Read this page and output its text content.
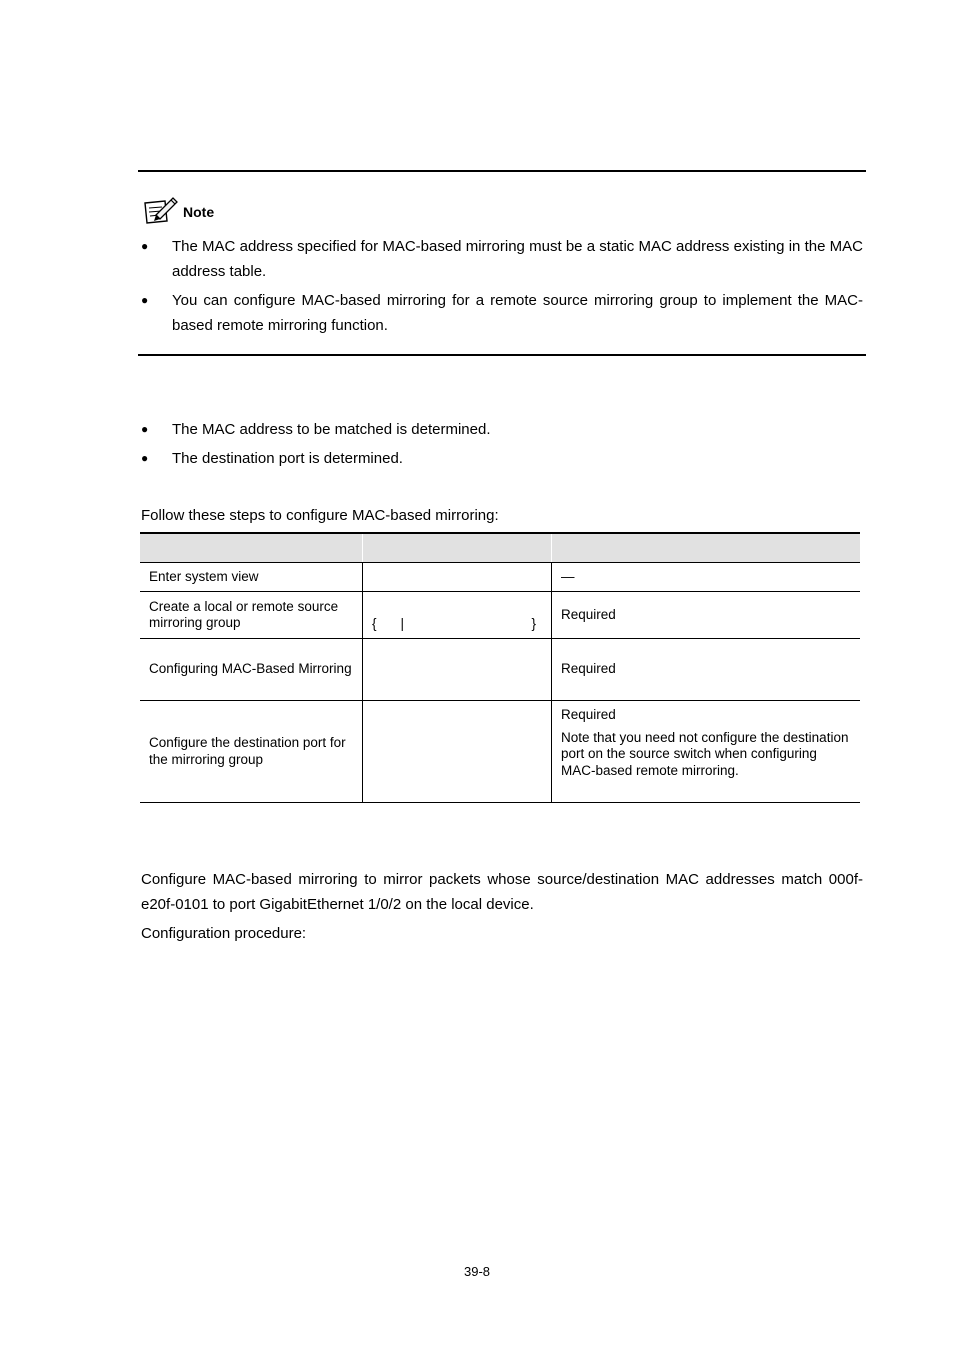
Note
● The MAC address specified for MAC-based mirroring must be a static MAC address existing in the MAC address table.
● You can configure MAC-based mirroring for a remote source mirroring group to implement the MAC-based remote mirroring function.
● The MAC address to be matched is determined.
● The destination port is determined.
Follow these steps to configure MAC-based mirroring:

Enter system view		—
Create a local or remote source mirroring group	{ | }	Required
Configuring MAC-Based Mirroring		Required
Configure the destination port for the mirroring group		Required
Note that you need not configure the destination port on the source switch when configuring MAC-based remote mirroring.
Configure MAC-based mirroring to mirror packets whose source/destination MAC addresses match 000f-e20f-0101 to port GigabitEthernet 1/0/2 on the local device.
Configuration procedure:
39-8
